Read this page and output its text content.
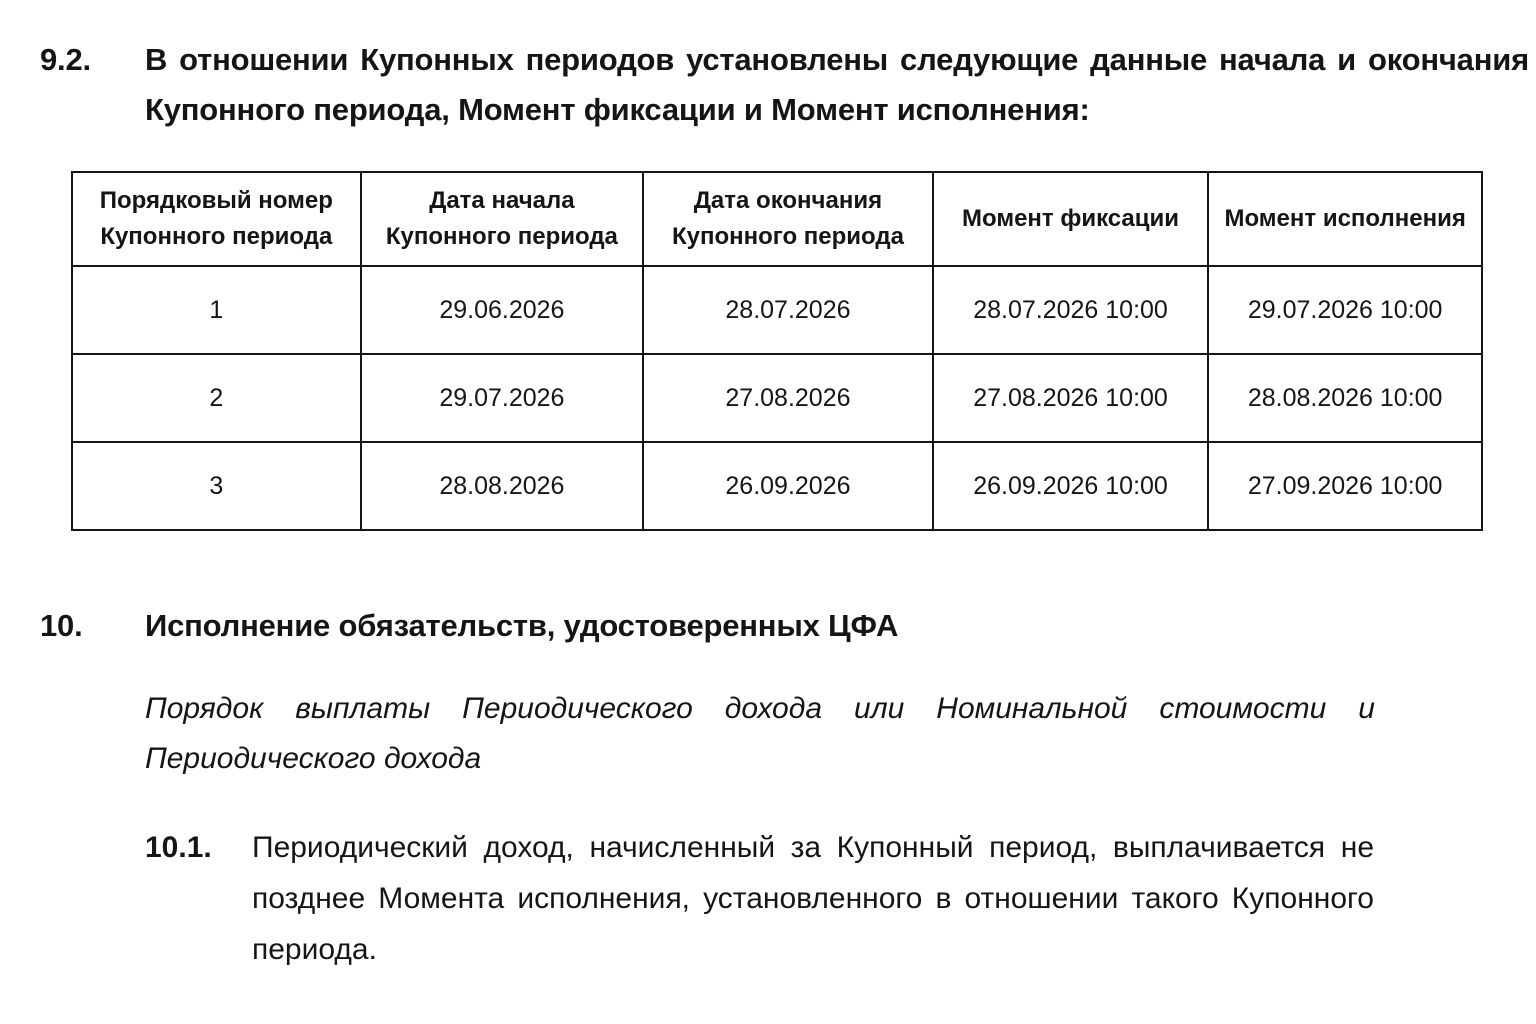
9.2. В отношении Купонных периодов установлены следующие данные начала и окончания
Купонного периода, Момент фиксации и Момент исполнения:
Порядковый номер Купонного периода	Дата начала Купонного периода	Дата окончания Купонного периода	Момент фиксации	Момент исполнения
1	29.06.2026	28.07.2026	28.07.2026 10:00	29.07.2026 10:00
2	29.07.2026	27.08.2026	27.08.2026 10:00	28.08.2026 10:00
3	28.08.2026	26.09.2026	26.09.2026 10:00	27.09.2026 10:00
10. Исполнение обязательств, удостоверенных ЦФА
Порядок выплаты Периодического дохода или Номинальной стоимости и Периодического дохода
10.1. Периодический доход, начисленный за Купонный период, выплачивается не позднее Момента исполнения, установленного в отношении такого Купонного периода.
